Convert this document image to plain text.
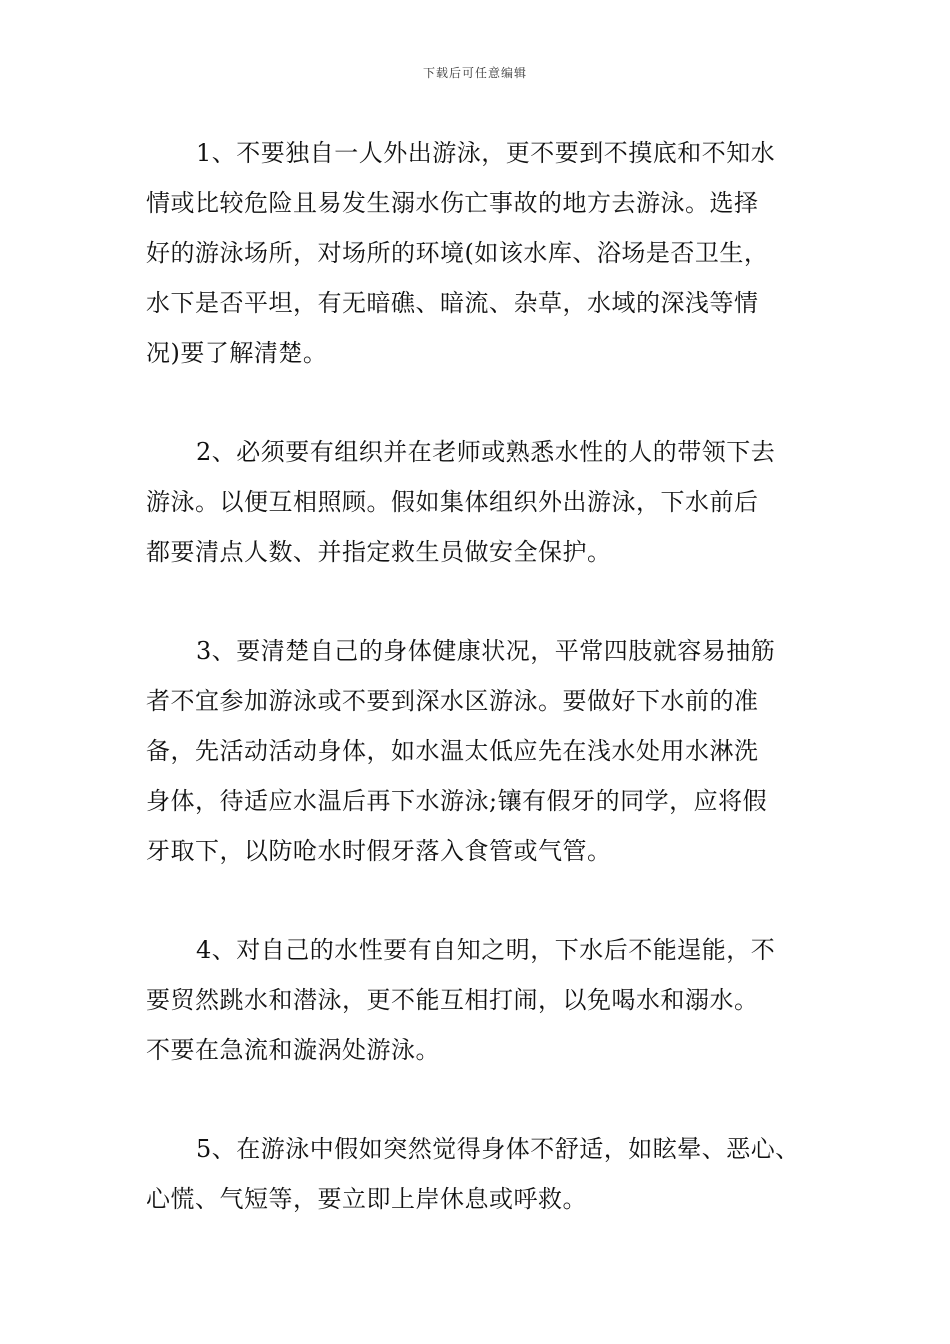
下载后可任意编辑
1、不要独自一人外出游泳，更不要到不摸底和不知水
情或比较危险且易发生溺水伤亡事故的地方去游泳。选择
好的游泳场所，对场所的环境(如该水库、浴场是否卫生，
水下是否平坦，有无暗礁、暗流、杂草，水域的深浅等情
况)要了解清楚。
2、必须要有组织并在老师或熟悉水性的人的带领下去
游泳。以便互相照顾。假如集体组织外出游泳，下水前后
都要清点人数、并指定救生员做安全保护。
3、要清楚自己的身体健康状况，平常四肢就容易抽筋
者不宜参加游泳或不要到深水区游泳。要做好下水前的准
备，先活动活动身体，如水温太低应先在浅水处用水淋洗
身体，待适应水温后再下水游泳;镶有假牙的同学，应将假
牙取下，以防呛水时假牙落入食管或气管。
4、对自己的水性要有自知之明，下水后不能逞能，不
要贸然跳水和潜泳，更不能互相打闹，以免喝水和溺水。
不要在急流和漩涡处游泳。
5、在游泳中假如突然觉得身体不舒适，如眩晕、恶心、
心慌、气短等，要立即上岸休息或呼救。
